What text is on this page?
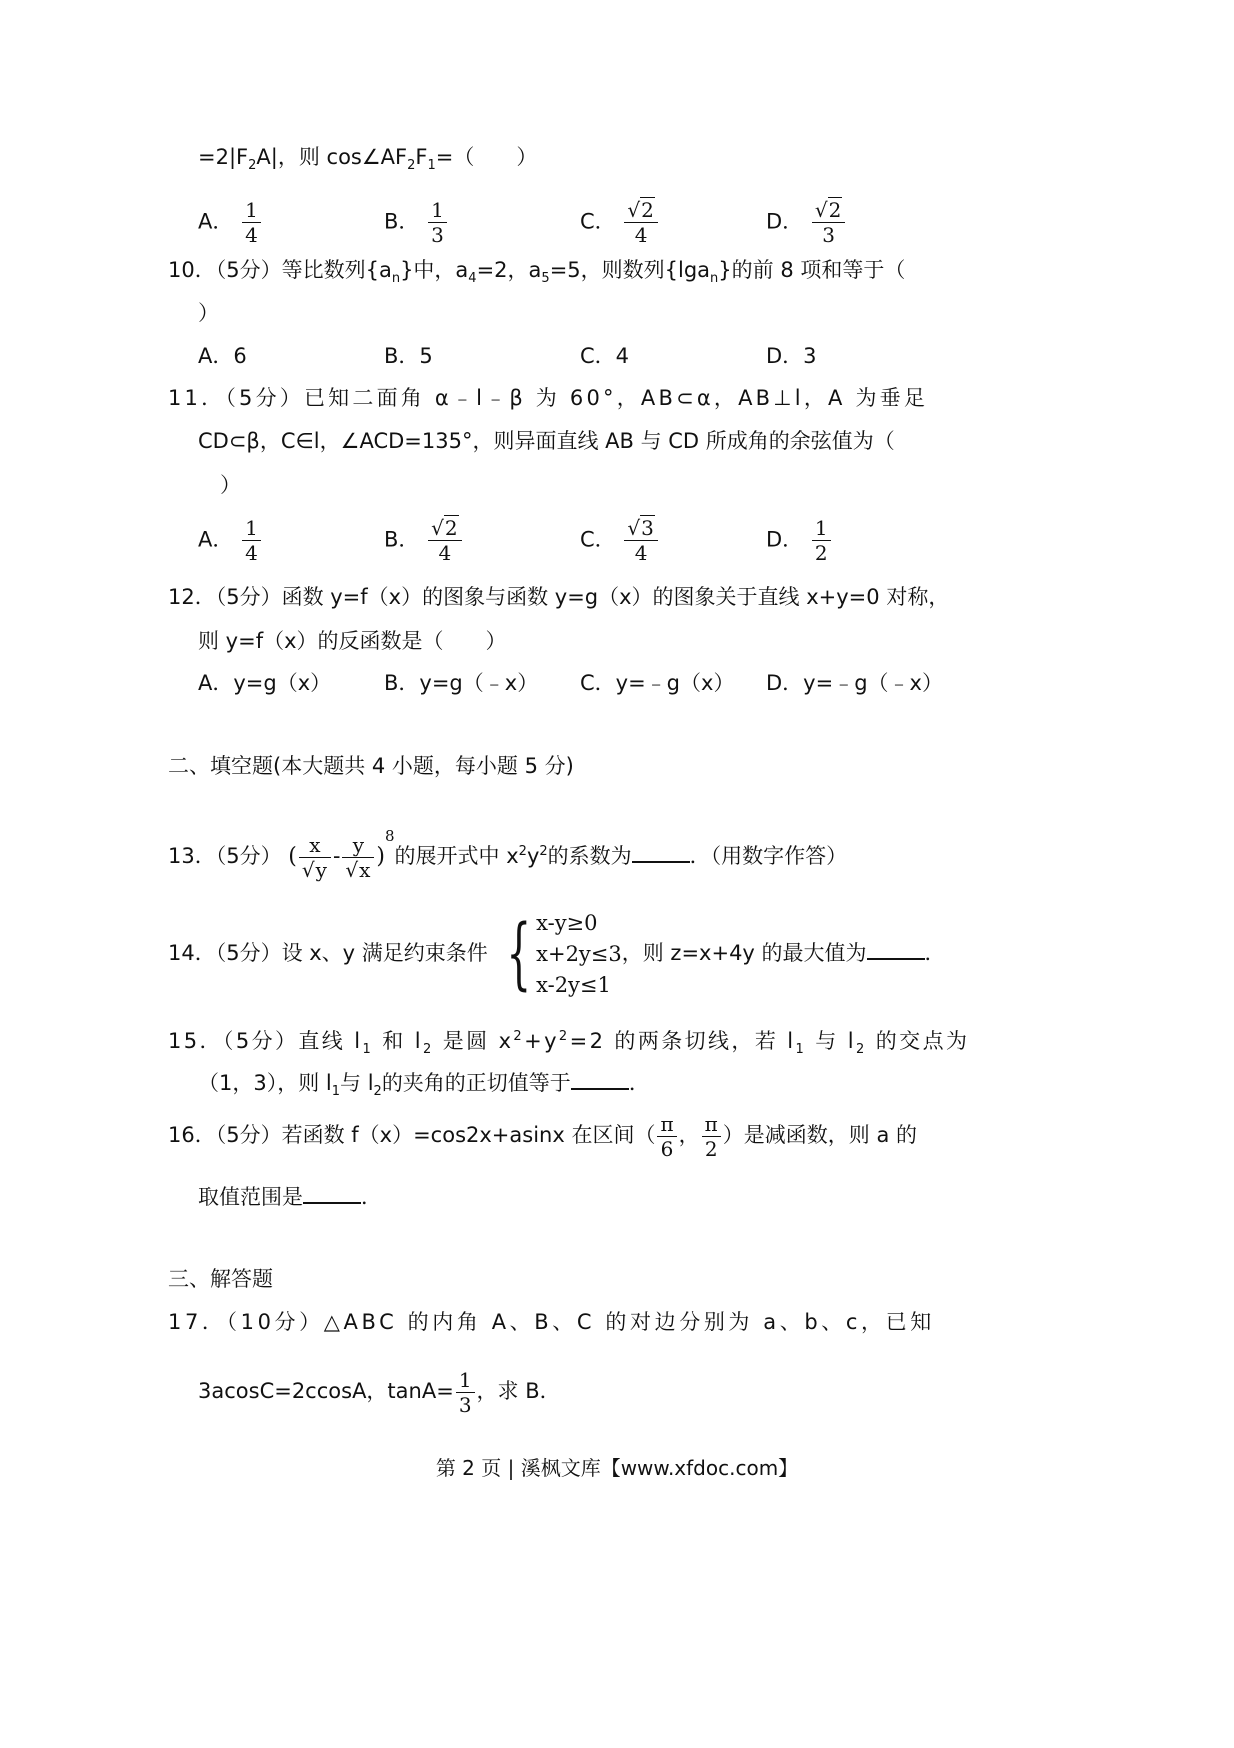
$=2|F_2A|$，则 $\cos\angle AF_2F_1=$（　　）
A． $\frac{1}{4}$	B． $\frac{1}{3}$	C． $\frac{√2}{4}$	D． $\frac{√2}{3}$
10．（5分）等比数列$\{a_n\}$中，$a_4=2$，$a_5=5$，则数列{lga$_n$}的前 8 项和等于（
）
A．6	B．5	C．4	D．3
11．（5分）已知二面角 α﹣l﹣β 为 60°，AB⊂α，AB⊥l，A 为垂足
CD⊂β，C∈l，∠ACD=135°，则异面直线 AB 与 CD 所成角的余弦值为（
）
A． $\frac{1}{4}$	B． $\frac{√2}{4}$	C． $\frac{√3}{4}$	D． $\frac{1}{2}$
12．（5分）函数 y=f（x）的图象与函数 y=g（x）的图象关于直线 x+y=0 对称，
则 y=f（x）的反函数是（　　）
A．y=g（x）	B．y=g（﹣x） C．y=﹣g（x） D．y=﹣g（﹣x）
二、填空题(本大题共 4 小题，每小题 5 分)
13．（5分） ( $\frac{x}{√y} - \frac{y}{√x} )^8$的展开式中 $x^2y^2$的系数为	．（用数字作答）
14．（5分）设 x、y 满足约束条件 { x-y≥0
x+2y≤3
x-2y≤1
，则 z=x+4y 的最大值为	．
15．（5分）直线 $l_1$ 和 $l_2$ 是圆 $x^2+y^2=2$ 的两条切线，若 $l_1$ 与 $l_2$ 的交点为
（1，3），则 $l_1$与 $l_2$的夹角的正切值等于	．
16．（5分）若函数 f（x）=cos2x+asinx 在区间（ $\frac{\pi}{6}$ ， $\frac{\pi}{2}$ ）是减函数，则 a 的
取值范围是	．
三、解答题
17．（10分）△ABC 的内角 A、B、C 的对边分别为 a、b、c，已知
3acosC=2ccosA，$\tan A= \frac{1}{3}$ ，求 B．
第 2 页 | 溪枫文库【www.xfdoc.com】
